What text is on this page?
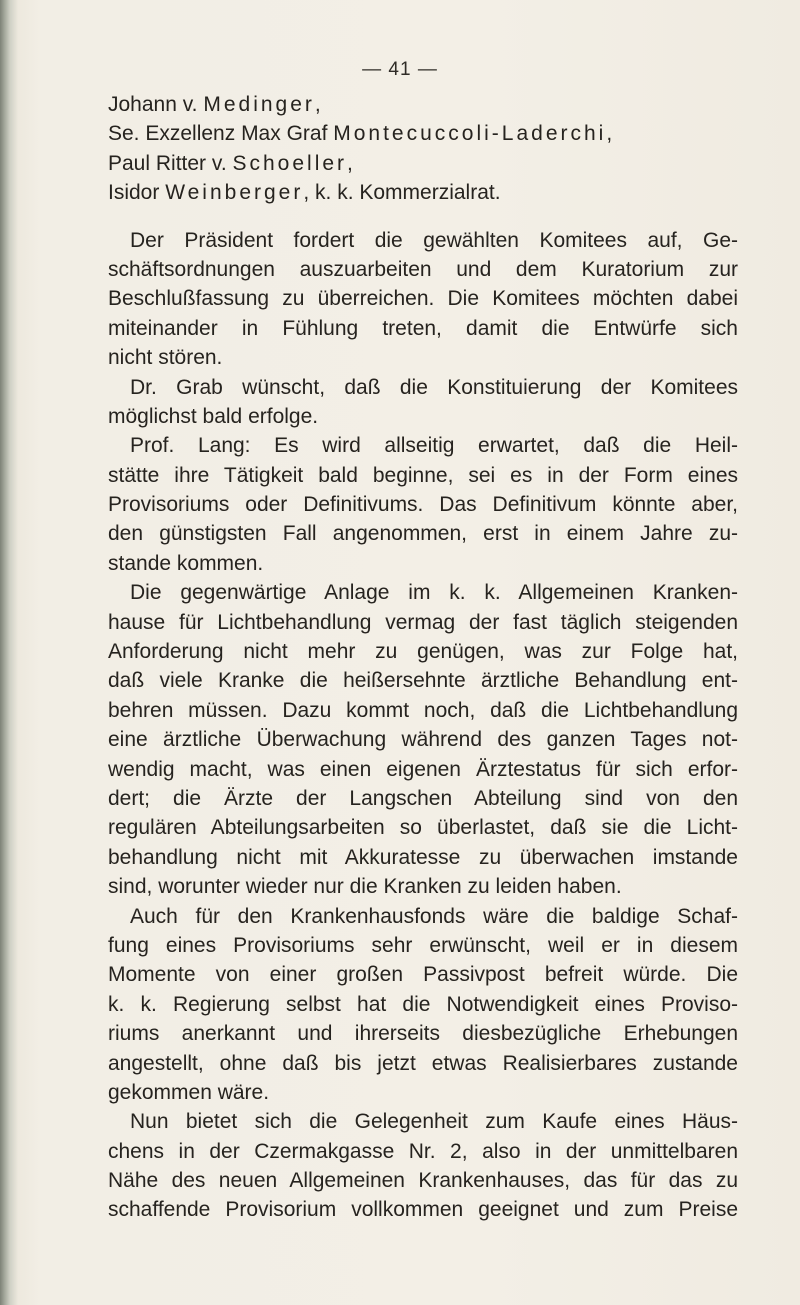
— 41 —
Johann v. Medinger,
Se. Exzellenz Max Graf Montecuccoli-Laderchi,
Paul Ritter v. Schoeller,
Isidor Weinberger, k. k. Kommerzialrat.
Der Präsident fordert die gewählten Komitees auf, Ge-
schäftsordnungen auszuarbeiten und dem Kuratorium zur
Beschlußfassung zu überreichen. Die Komitees möchten dabei
miteinander in Fühlung treten, damit die Entwürfe sich
nicht stören.
Dr. Grab wünscht, daß die Konstituierung der Komitees
möglichst bald erfolge.
Prof. Lang: Es wird allseitig erwartet, daß die Heil-
stätte ihre Tätigkeit bald beginne, sei es in der Form eines
Provisoriums oder Definitivums. Das Definitivum könnte aber,
den günstigsten Fall angenommen, erst in einem Jahre zu-
stande kommen.
Die gegenwärtige Anlage im k. k. Allgemeinen Kranken-
hause für Lichtbehandlung vermag der fast täglich steigenden
Anforderung nicht mehr zu genügen, was zur Folge hat,
daß viele Kranke die heißersehnte ärztliche Behandlung ent-
behren müssen. Dazu kommt noch, daß die Lichtbehandlung
eine ärztliche Überwachung während des ganzen Tages not-
wendig macht, was einen eigenen Ärztestatus für sich erfor-
dert; die Ärzte der Langschen Abteilung sind von den
regulären Abteilungsarbeiten so überlastet, daß sie die Licht-
behandlung nicht mit Akkuratesse zu überwachen imstande
sind, worunter wieder nur die Kranken zu leiden haben.
Auch für den Krankenhausfonds wäre die baldige Schaf-
fung eines Provisoriums sehr erwünscht, weil er in diesem
Momente von einer großen Passivpost befreit würde. Die
k. k. Regierung selbst hat die Notwendigkeit eines Proviso-
riums anerkannt und ihrerseits diesbezügliche Erhebungen
angestellt, ohne daß bis jetzt etwas Realisierbares zustande
gekommen wäre.
Nun bietet sich die Gelegenheit zum Kaufe eines Häus-
chens in der Czermakgasse Nr. 2, also in der unmittelbaren
Nähe des neuen Allgemeinen Krankenhauses, das für das zu
schaffende Provisorium vollkommen geeignet und zum Preise
